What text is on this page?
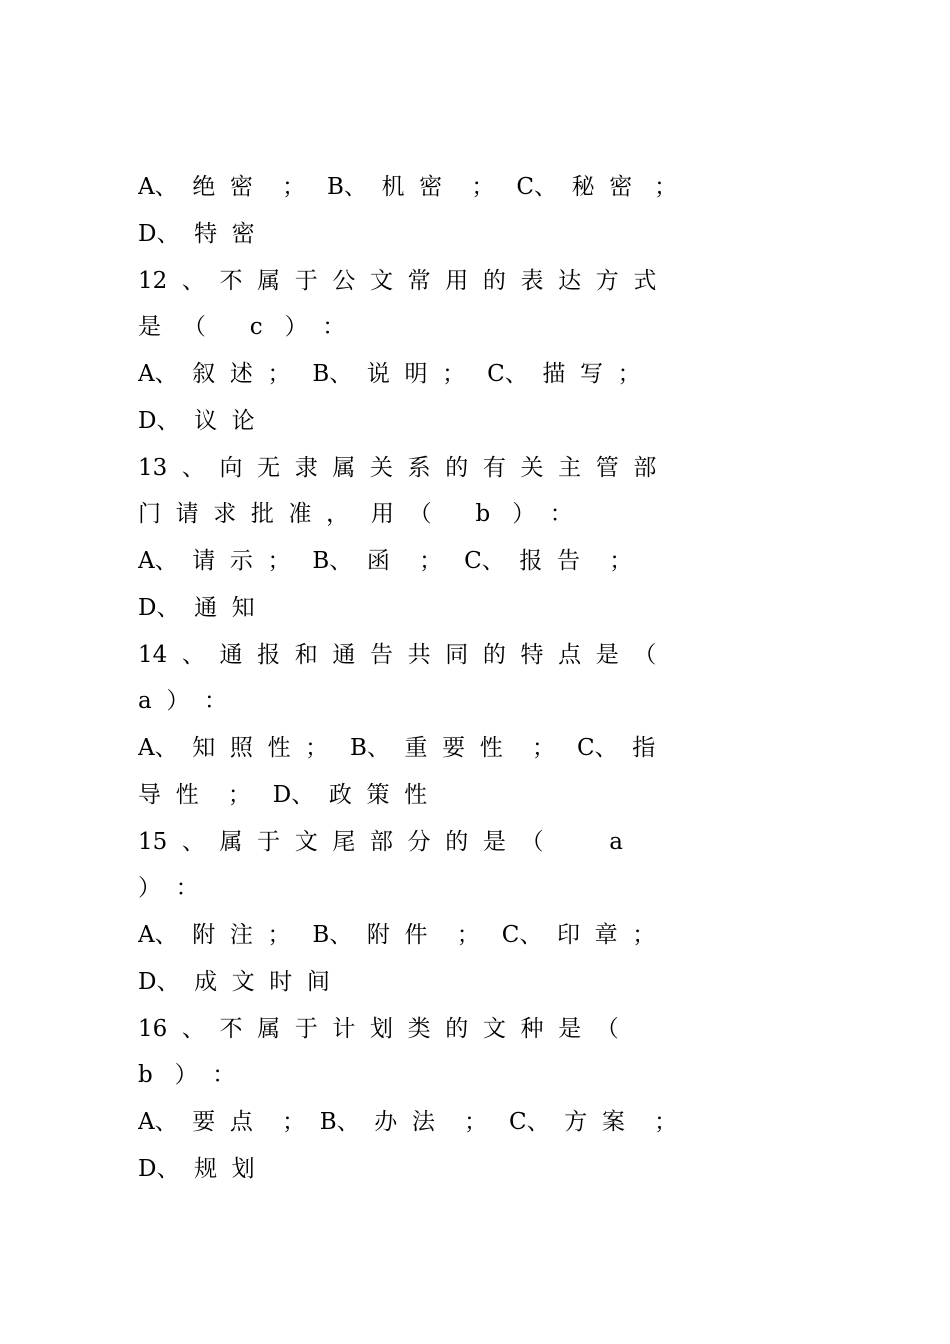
A、  绝  密    ；   B、  机  密    ；   C、  秘  密   ；
D、  特  密
12  、  不  属  于  公  文  常  用  的  表  达  方  式
是   （      c   ）  ：
A、  叙  述  ；   B、  说  明  ；   C、  描  写  ；
D、  议  论
13  、  向  无  隶  属  关  系  的  有  关  主  管  部
门  请  求  批  准  ，   用  （      b   ）  ：
A、  请  示  ；   B、  函    ；   C、  报  告    ；
D、  通  知
14  、  通  报  和  通  告  共  同  的  特  点  是  （
a  ）  ：
A、  知  照  性  ；   B、  重  要  性    ；   C、  指
导  性    ；   D、  政  策  性
15  、  属  于  文  尾  部  分  的  是  （         a
）  ：
A、  附  注  ；   B、  附  件    ；   C、  印  章  ；
D、  成  文  时  间
16  、  不  属  于  计  划  类  的  文  种  是  （
b   ）  ：
A、  要  点    ；  B、  办  法    ；   C、  方  案    ；
D、  规  划
